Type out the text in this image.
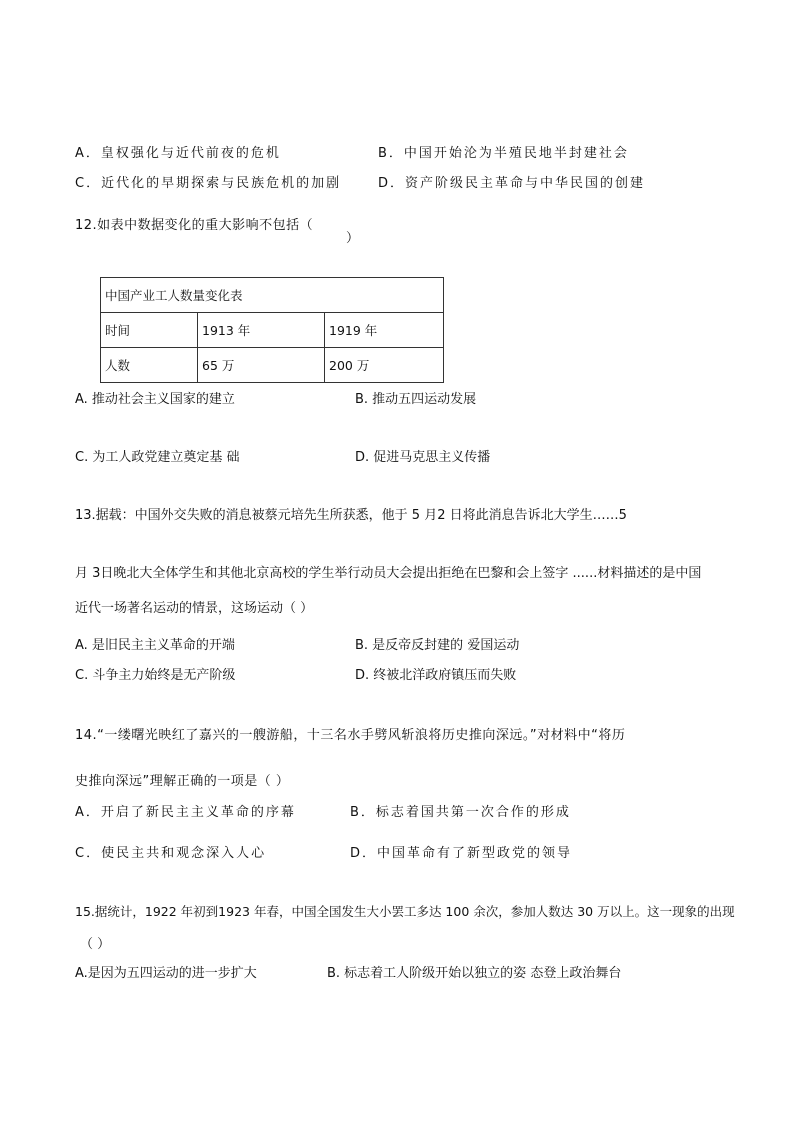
A．皇权强化与近代前夜的危机	B．中国开始沦为半殖民地半封建社会
C．近代化的早期探索与民族危机的加剧	D．资产阶级民主革命与中华民国的创建
12.如表中数据变化的重大影响不包括（
）
中国产业工人数量变化表		
时间	1913 年	1919 年
人数	65 万	200 万
A. 推动社会主义国家的建立	B. 推动五四运动发展
C. 为工人政党建立奠定基 础	D. 促进马克思主义传播
13.据载：中国外交失败的消息被蔡元培先生所获悉，他于 5 月2 日将此消息告诉北大学生……5
月 3日晚北大全体学生和其他北京高校的学生举行动员大会提出拒绝在巴黎和会上签字 ......材料描述的是中国
近代一场著名运动的情景，这场运动（ ）
A. 是旧民主主义革命的开端	B. 是反帝反封建的 爱国运动
C. 斗争主力始终是无产阶级	D. 终被北洋政府镇压而失败
14.“一缕曙光映红了嘉兴的一艘游船，十三名水手劈风斩浪将历史推向深远。”对材料中“将历
史推向深远”理解正确的一项是（ ）
A．开启了新民主主义革命的序幕	B．标志着国共第一次合作的形成
C．使民主共和观念深入人心	D．中国革命有了新型政党的领导
15.据统计，1922 年初到1923 年春，中国全国发生大小罢工多达 100 余次，参加人数达 30 万以上。这一现象的出现
（ ）
A.是因为五四运动的进一步扩大	B. 标志着工人阶级开始以独立的姿 态登上政治舞台
